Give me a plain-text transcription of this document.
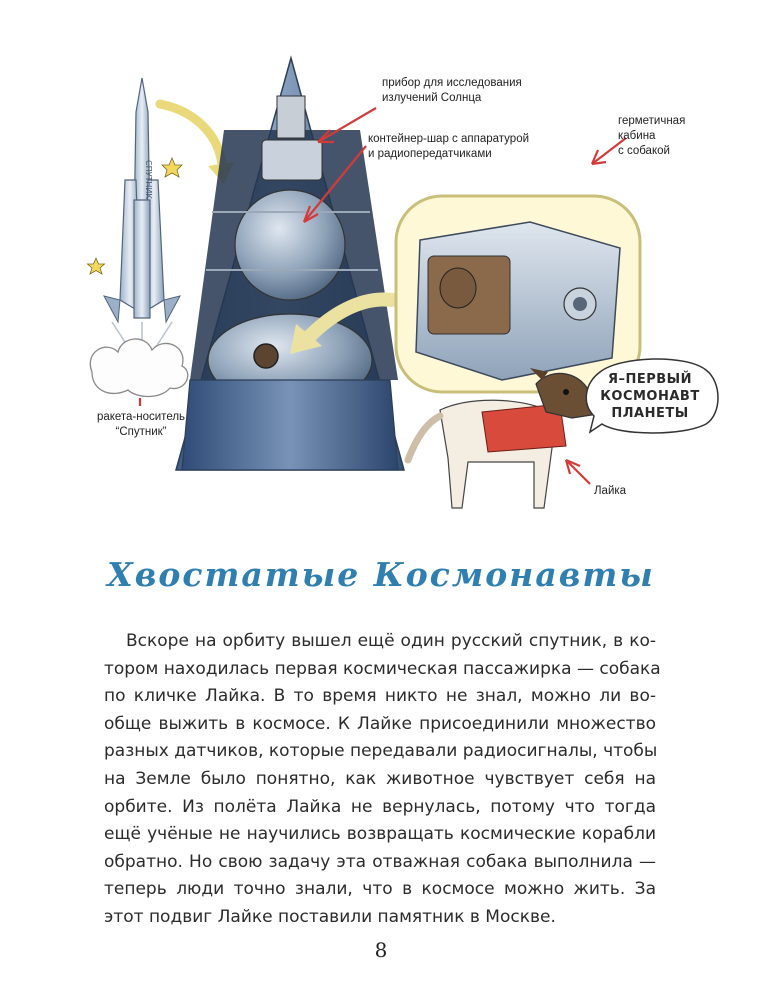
СПУТНИК
прибор для исследования
излучений Солнца
контейнер-шар с аппаратурой
и радиопередатчиками
герметичная
кабина
с собакой
ракета-носитель
“Спутник”
Лайка
Я–ПЕРВЫЙ
КОСМОНАВТ
ПЛАНЕТЫ
Хвостатые Космонавты
Вскоре на орбиту вышел ещё один русский спутник, в ко-
тором находилась первая космическая пассажирка — собака
по кличке Лайка. В то время никто не знал, можно ли во-
обще выжить в космосе. К Лайке присоединили множество
разных датчиков, которые передавали радиосигналы, чтобы
на Земле было понятно, как животное чувствует себя на
орбите. Из полёта Лайка не вернулась, потому что тогда
ещё учёные не научились возвращать космические корабли
обратно. Но свою задачу эта отважная собака выполнила —
теперь люди точно знали, что в космосе можно жить. За
этот подвиг Лайке поставили памятник в Москве.
8
